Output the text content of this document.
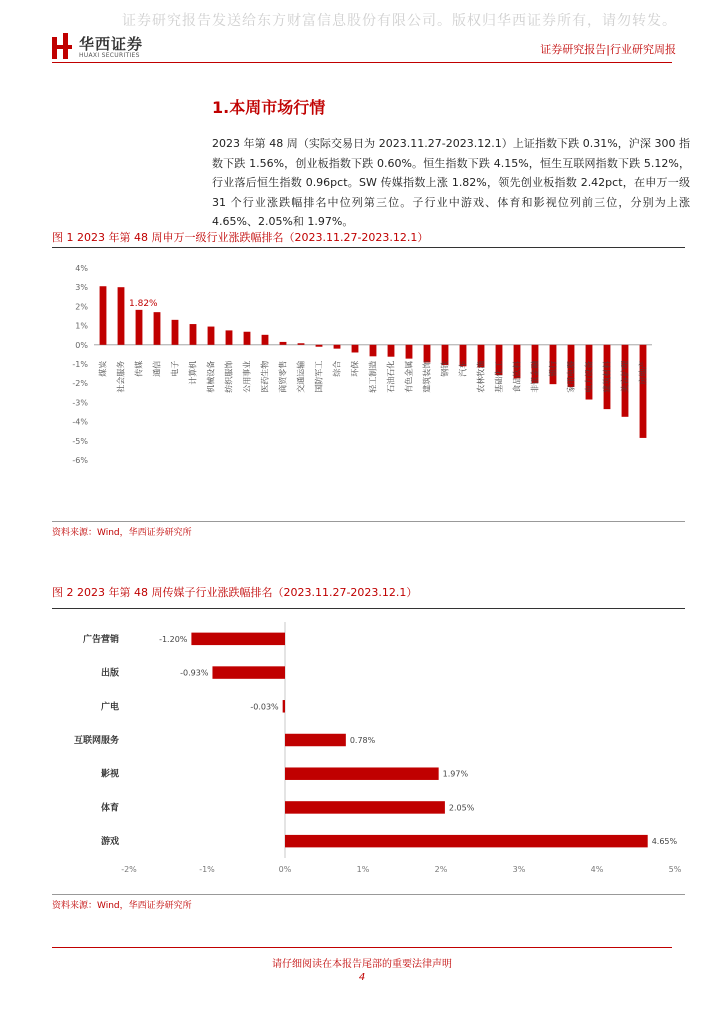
证券研究报告发送给东方财富信息股份有限公司。版权归华西证券所有，请勿转发。
华西证券
HUAXI SECURITIES	证券研究报告|行业研究周报
1.本周市场行情
2023 年第 48 周（实际交易日为 2023.11.27-2023.12.1）上证指数下跌 0.31%，沪深 300 指数下跌 1.56%，创业板指数下跌 0.60%。恒生指数下跌 4.15%，恒生互联网指数下跌 5.12%，行业落后恒生指数 0.96pct。SW 传媒指数上涨 1.82%，领先创业板指数 2.42pct，在申万一级 31 个行业涨跌幅排名中位列第三位。子行业中游戏、体育和影视位列前三位，分别为上涨 4.65%、2.05%和 1.97%。
图 1 2023 年第 48 周申万一级行业涨跌幅排名（2023.11.27-2023.12.1）
4%
3%
2%
1%
0%
-1%
-2%
-3%
-4%
-5%
-6%
煤炭 社会服务 传媒 通信 电子 计算机 机械设备 纺织服饰 公用事业 医药生物 商贸零售 交通运输 国防军工 综合 环保 轻工制造 石油石化 有色金属 建筑装饰 钢铁 汽车 农林牧渔 基础化工 食品饮料 非银金融 银行 家用电器 电力设备 建筑材料 美容护理 房地产
1.82%
资料来源：Wind，华西证券研究所
图 2 2023 年第 48 周传媒子行业涨跌幅排名（2023.11.27-2023.12.1）
-2%	-1%	0%	1%	2%	3%	4%	5%
广告营销	-1.20%
出版	-0.93%
广电	-0.03%
互联网服务	0.78%
影视	1.97%
体育	2.05%
游戏	4.65%
资料来源：Wind，华西证券研究所
请仔细阅读在本报告尾部的重要法律声明
4
